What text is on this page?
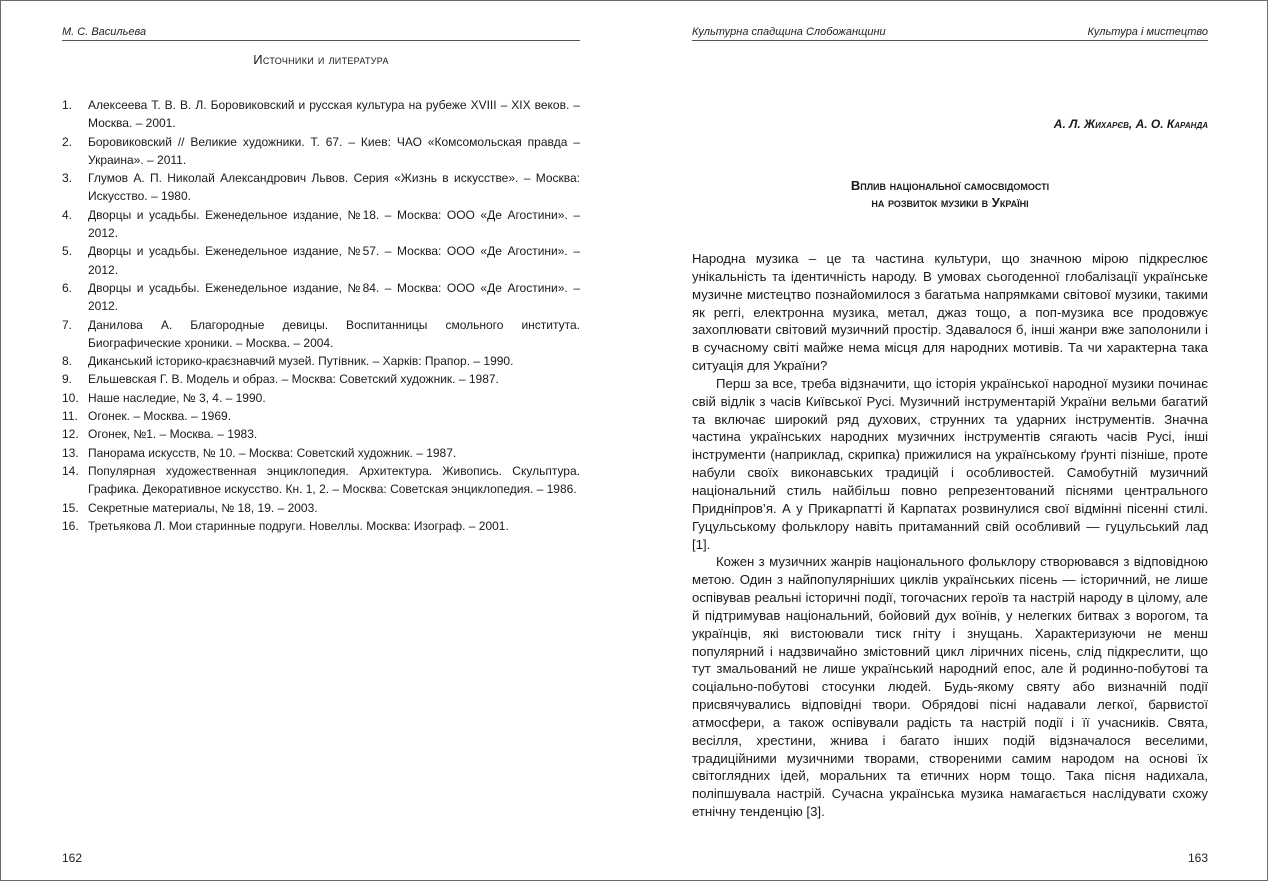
М. С. Васильева
Источники и литература
1. Алексеева Т. В. В. Л. Боровиковский и русская культура на рубеже XVIII – XIX веков. – Москва. – 2001.
2. Боровиковский // Великие художники. Т. 67. – Киев: ЧАО «Комсомольская правда – Украина». – 2011.
3. Глумов А. П. Николай Александрович Львов. Серия «Жизнь в искусстве». – Москва: Искусство. – 1980.
4. Дворцы и усадьбы. Еженедельное издание, №18. – Москва: ООО «Де Агостини». – 2012.
5. Дворцы и усадьбы. Еженедельное издание, №57. – Москва: ООО «Де Агостини». – 2012.
6. Дворцы и усадьбы. Еженедельное издание, №84. – Москва: ООО «Де Агостини». – 2012.
7. Данилова А. Благородные девицы. Воспитанницы смольного института. Биографические хроники. – Москва. – 2004.
8. Диканський історико-краєзнавчий музей. Путівник. – Харків: Прапор. – 1990.
9. Ельшевская Г. В. Модель и образ. – Москва: Советский художник. – 1987.
10. Наше наследие, № 3, 4. – 1990.
11. Огонек. – Москва. – 1969.
12. Огонек, №1. – Москва. – 1983.
13. Панорама искусств, № 10. – Москва: Советский художник. – 1987.
14. Популярная художественная энциклопедия. Архитектура. Живопись. Скульптура. Графика. Декоративное искусство. Кн. 1, 2. – Москва: Советская энциклопедия. – 1986.
15. Секретные материалы, № 18, 19. – 2003.
16. Третьякова Л. Мои старинные подруги. Новеллы. Москва: Изограф. – 2001.
162
Культурна спадщина Слобожанщини	Культура і мистецтво
А. Л. Жихарєв, А. О. Каранда
Вплив національної самосвідомості
на розвиток музики в Україні

Народна музика – це та частина культури, що значною мірою підкреслює унікальність та ідентичність народу. В умовах сьогоденної глобалізації українське музичне мистецтво познайомилося з багатьма напрямками світової музики, такими як реггі, електронна музика, метал, джаз тощо, а поп-музика все продовжує захоплювати світовий музичний простір. Здавалося б, інші жанри вже заполонили і в сучасному світі майже нема місця для народних мотивів. Та чи характерна така ситуація для України?

Перш за все, треба відзначити, що історія української народної музики починає свій відлік з часів Київської Русі. Музичний інструментарій України вельми багатий та включає широкий ряд духових, струнних та ударних інструментів. Значна частина українських народних музичних інструментів сягають часів Русі, інші інструменти (наприклад, скрипка) прижилися на українському ґрунті пізніше, проте набули своїх виконавських традицій і особливостей. Самобутній музичний національний стиль найбільш повно репрезентований піснями центрального Придніпров’я. А у Прикарпатті й Карпатах розвинулися свої відмінні пісенні стилі. Гуцульському фольклору навіть притаманний свій особливий — гуцульський лад [1].

Кожен з музичних жанрів національного фольклору створювався з відповідною метою. Один з найпопулярніших циклів українських пісень — історичний, не лише оспівував реальні історичні події, тогочасних героїв та настрій народу в цілому, але й підтримував національний, бойовий дух воїнів, у нелегких битвах з ворогом, та українців, які вистоювали тиск гніту і знущань. Характеризуючи не менш популярний і надзвичайно змістовний цикл ліричних пісень, слід підкреслити, що тут змальований не лише український народний епос, але й родинно-побутові та соціально-побутові стосунки людей. Будь-якому святу або визначній події присвячувались відповідні твори. Обрядові пісні надавали легкої, барвистої атмосфери, а також оспівували радість та настрій події і її учасників. Свята, весілля, хрестини, жнива і багато інших подій відзначалося веселими, традиційними музичними творами, створеними самим народом на основі їх світоглядних ідей, моральних та етичних норм тощо. Така пісня надихала, поліпшувала настрій. Сучасна українська музика намагається наслідувати схожу етнічну тенденцію [3].

163
